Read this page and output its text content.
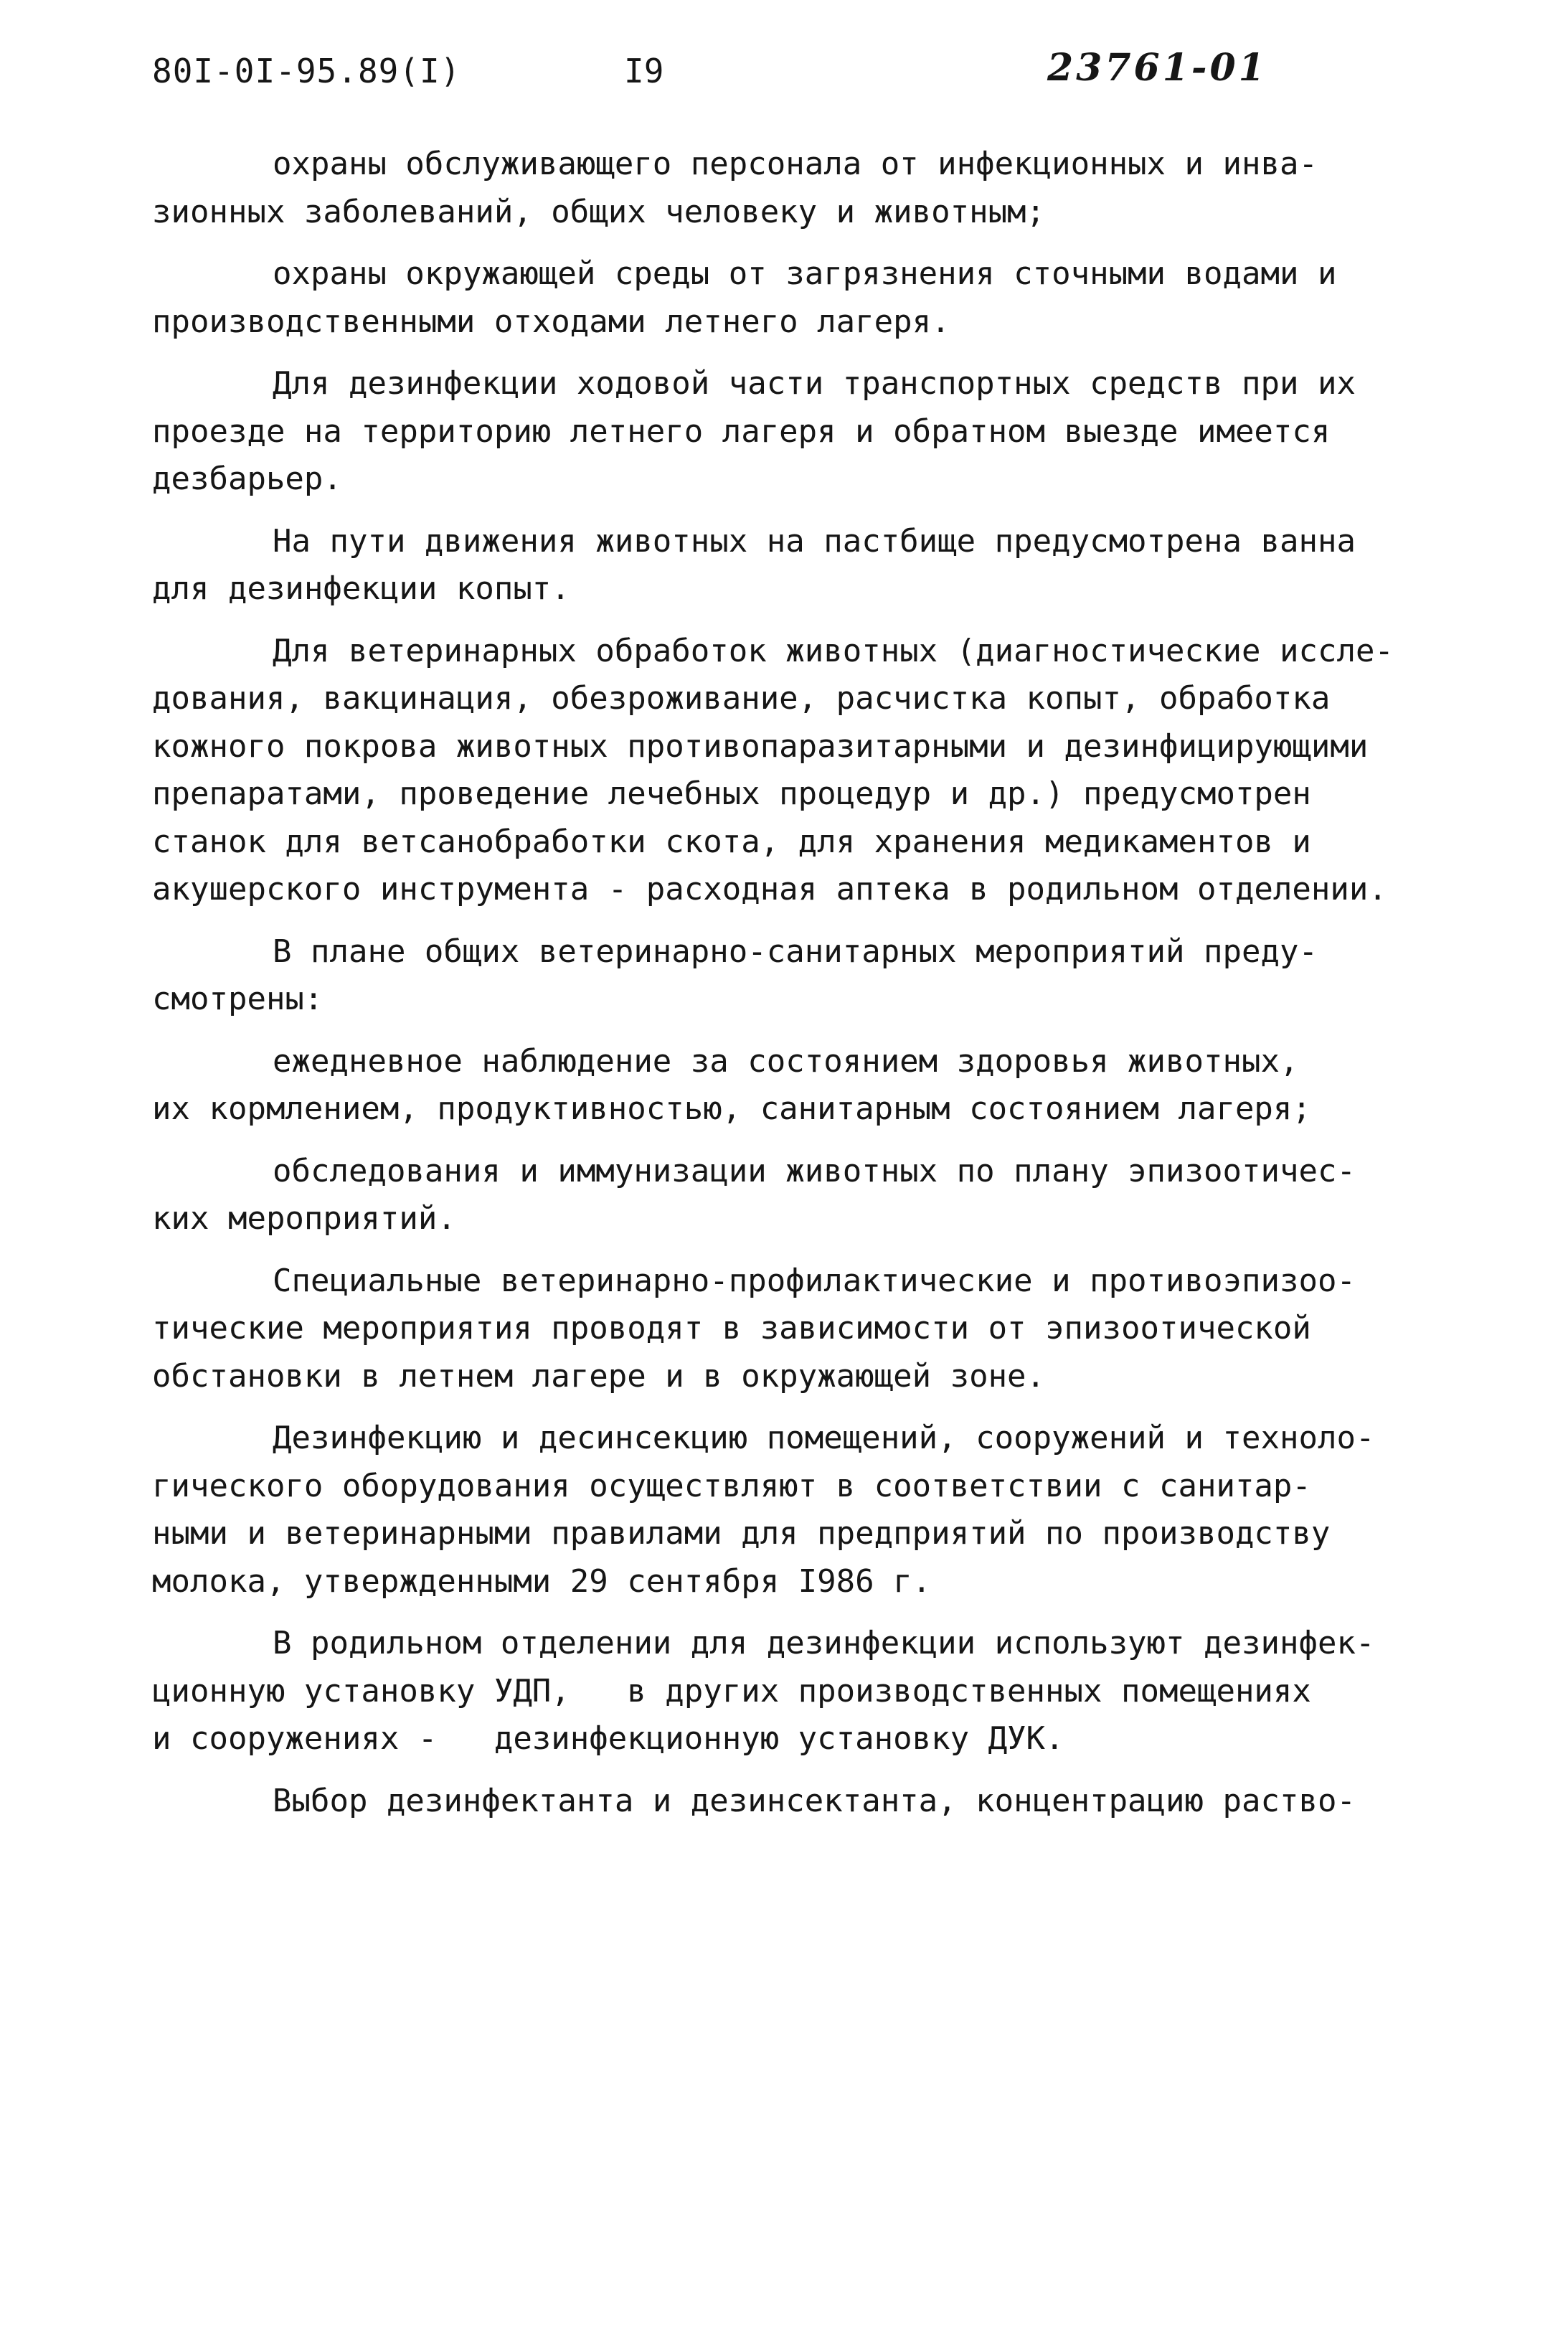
80I-0I-95.89(I)	I9	23761-01

охраны обслуживающего персонала от инфекционных и инва-
зионных заболеваний, общих человеку и животным;

охраны окружающей среды от загрязнения сточными водами и
производственными отходами летнего лагеря.

Для дезинфекции ходовой части транспортных средств при их
проезде на территорию летнего лагеря и обратном выезде имеется
дезбарьер.

На пути движения животных на пастбище предусмотрена ванна
для дезинфекции копыт.

Для ветеринарных обработок животных (диагностические иссле-
дования, вакцинация, обезроживание, расчистка копыт, обработка
кожного покрова животных противопаразитарными и дезинфицирующими
препаратами, проведение лечебных процедур и др.) предусмотрен
станок для ветсанобработки скота, для хранения медикаментов и
акушерского инструмента - расходная аптека в родильном отделении.

В плане общих ветеринарно-санитарных мероприятий преду-
смотрены:

ежедневное наблюдение за состоянием здоровья животных,
их кормлением, продуктивностью, санитарным состоянием лагеря;

обследования и иммунизации животных по плану эпизоотичес-
ких мероприятий.

Специальные ветеринарно-профилактические и противоэпизоо-
тические мероприятия проводят в зависимости от эпизоотической
обстановки в летнем лагере и в окружающей зоне.

Дезинфекцию и десинсекцию помещений, сооружений и техноло-
гического оборудования осуществляют в соответствии с санитар-
ными и ветеринарными правилами для предприятий по производству
молока, утвержденными 29 сентября I986 г.

В родильном отделении для дезинфекции используют дезинфек-
ционную установку УДП,   в других производственных помещениях
и сооружениях -   дезинфекционную установку ДУК.

Выбор дезинфектанта и дезинсектанта, концентрацию раство-
